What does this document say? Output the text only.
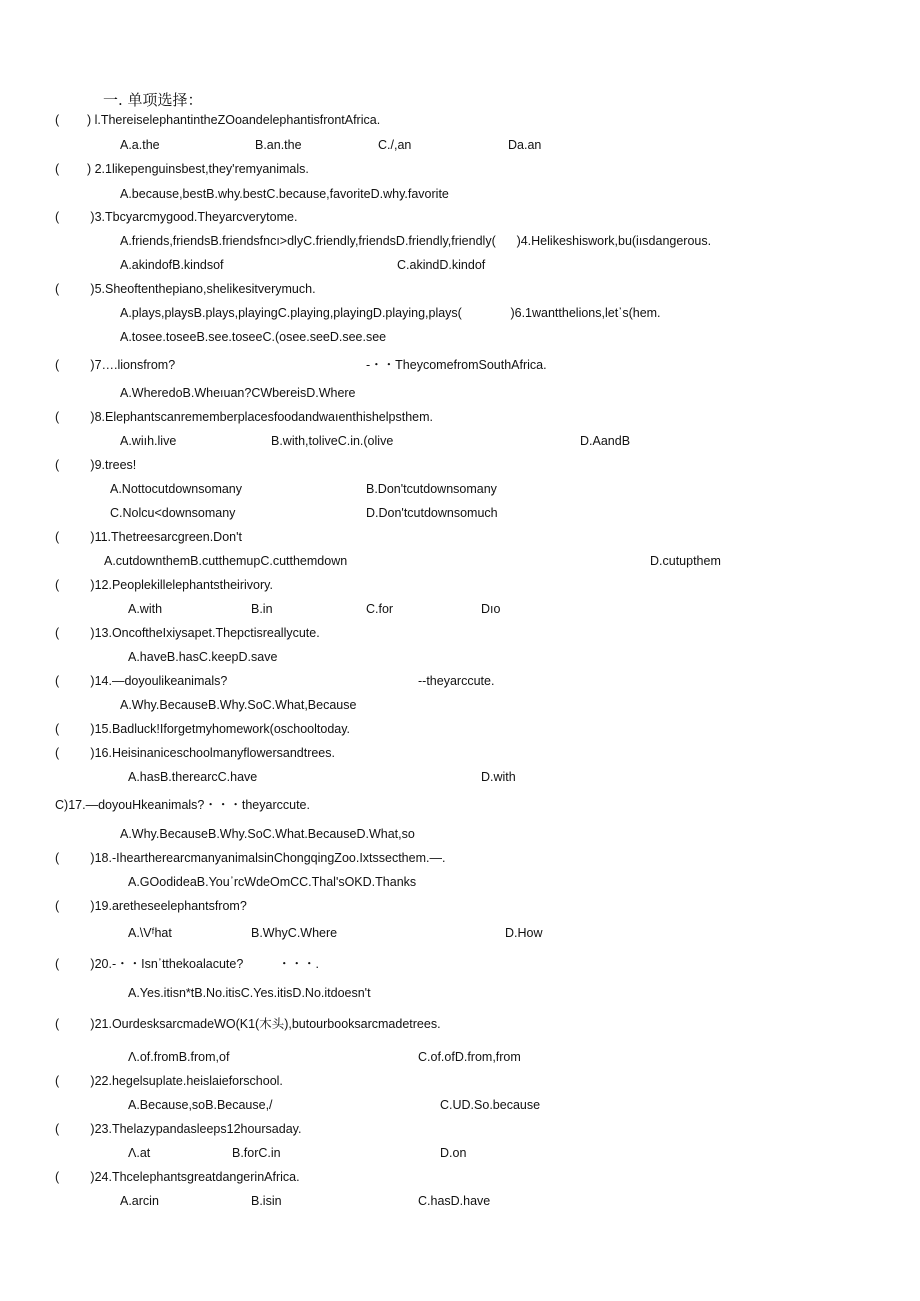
一. 单项选择：
(        ) l.ThereiselephantintheZOoandelephantisfrontAfrica.
A.a.the	B.an.the	C./,an	Da.an
(        ) 2.1likepenguinsbest,they'remyanimals.
A.because,bestB.why.bestC.because,favoriteD.why.favorite
(         )3.Tbcyarcmygood.Theyarcverytome.
A.friends,friendsB.friendsfncı>dlyC.friendly,friendsD.friendly,friendly(      )4.Helikeshiswork,bu(iısdangerous.
A.akindofB.kindsof	C.akindD.kindof
(         )5.Sheoftenthepiano,shelikesitverymuch.
A.plays,playsB.plays,playingC.playing,playingD.playing,plays(              )6.1wantthelions,let᾿s(hem.
A.tosee.toseeB.see.toseeC.(osee.seeD.see.see
(         )7….lionsfrom?	-・・TheycomefromSouthAfrica.
A.WheredoB.Wheıuan?CWbereisD.Where
(         )8.Elephantscanrememberplacesfoodandwaıenthishelpsthem.
A.wiıh.live	B.with,toliveC.in.(olive	D.AandB
(         )9.trees!
A.Nottocutdownsomany	B.Don'tcutdownsomany
C.Nolcu<downsomany	D.Don'tcutdownsomuch
(         )11.Thetreesarcgreen.Don't
A.cutdownthemB.cutthemupC.cutthemdown	D.cutupthem
(         )12.Peoplekillelephantstheirivory.
A.with	B.in	C.for	Dıo
(         )13.OncoftheIxiysapet.Thepctisreallycute.
A.haveB.hasC.keepD.save
(         )14.—doyoulikeanimals?	--theyarccute.
A.Why.BecauseB.Why.SoC.What,Because
(         )15.Badluck!Iforgetmyhomework(oschooltoday.
(         )16.Heisinaniceschoolmanyflowersandtrees.
A.hasB.therearcC.have	D.with
C)17.—doyouHkeanimals?・・・theyarccute.
A.Why.BecauseB.Why.SoC.What.BecauseD.What,so
(         )18.-IheartherearcmanyanimalsinChongqingZoo.Ixtssecthem.—.
A.GOodideaB.You᾿rcWdeOmCC.Thal'sOKD.Thanks
(         )19.aretheseelephantsfrom?
A.\Vᶠhat	B.WhyC.Where	D.How
(         )20.-・・Isn᾿tthekoalacute?          ・・・.
A.Yes.itisn*tB.No.itisC.Yes.itisD.No.itdoesn't
(         )21.OurdesksarcmadeWO(K1(木头),butourbooksarcmadetrees.
Λ.of.fromB.from,of	C.of.ofD.from,from
(         )22.hegelsuplate.heislaieforschool.
A.Because,soB.Because,/	C.UD.So.because
(         )23.Thelazypandasleeps12hoursaday.
Λ.at	B.forC.in	D.on
(         )24.ThcelephantsgreatdangerinAfrica.
A.arcin	B.isin	C.hasD.have
